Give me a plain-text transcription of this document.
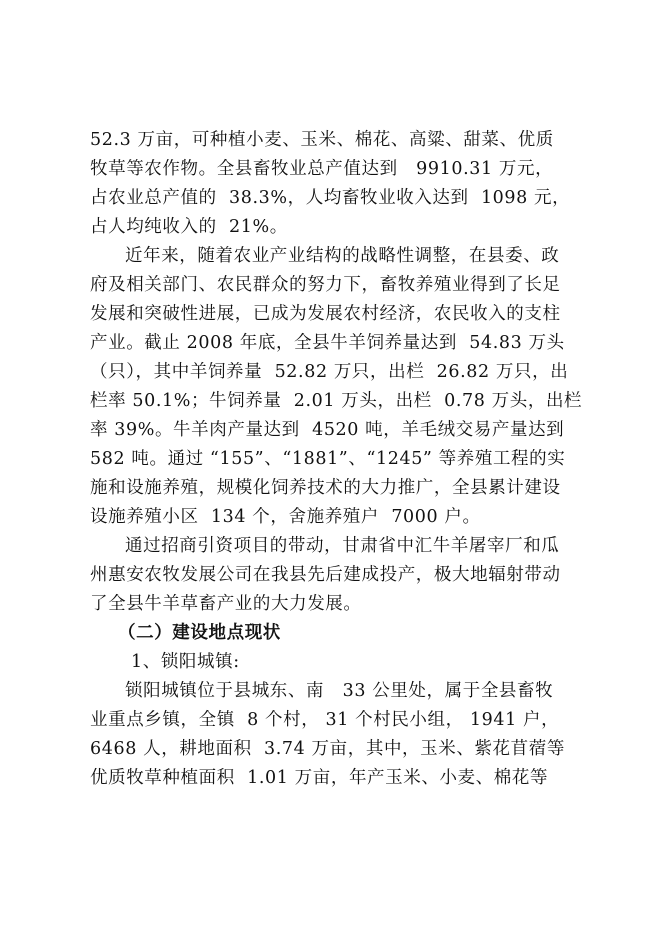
52.3 万亩，可种植小麦、玉米、棉花、高粱、甜菜、优质
牧草等农作物。全县畜牧业总产值达到   9910.31 万元，
占农业总产值的  38.3%，人均畜牧业收入达到  1098 元，
占人均纯收入的  21%。
近年来，随着农业产业结构的战略性调整，在县委、政
府及相关部门、农民群众的努力下，畜牧养殖业得到了长足
发展和突破性进展，已成为发展农村经济，农民收入的支柱
产业。截止 2008 年底，全县牛羊饲养量达到  54.83 万头
（只），其中羊饲养量  52.82 万只，出栏  26.82 万只，出
栏率 50.1%；牛饲养量  2.01 万头，出栏  0.78 万头，出栏
率 39%。牛羊肉产量达到  4520 吨，羊毛绒交易产量达到
582 吨。通过 “155”、“1881”、“1245” 等养殖工程的实
施和设施养殖，规模化饲养技术的大力推广，全县累计建设
设施养殖小区  134 个，舍施养殖户  7000 户。
通过招商引资项目的带动，甘肃省中汇牛羊屠宰厂和瓜
州惠安农牧发展公司在我县先后建成投产，极大地辐射带动
了全县牛羊草畜产业的大力发展。
（二）建设地点现状
1、锁阳城镇:
锁阳城镇位于县城东、南   33 公里处，属于全县畜牧
业重点乡镇，全镇  8 个村， 31 个村民小组， 1941 户，
6468 人，耕地面积  3.74 万亩，其中，玉米、紫花苜蓿等
优质牧草种植面积  1.01 万亩，年产玉米、小麦、棉花等
